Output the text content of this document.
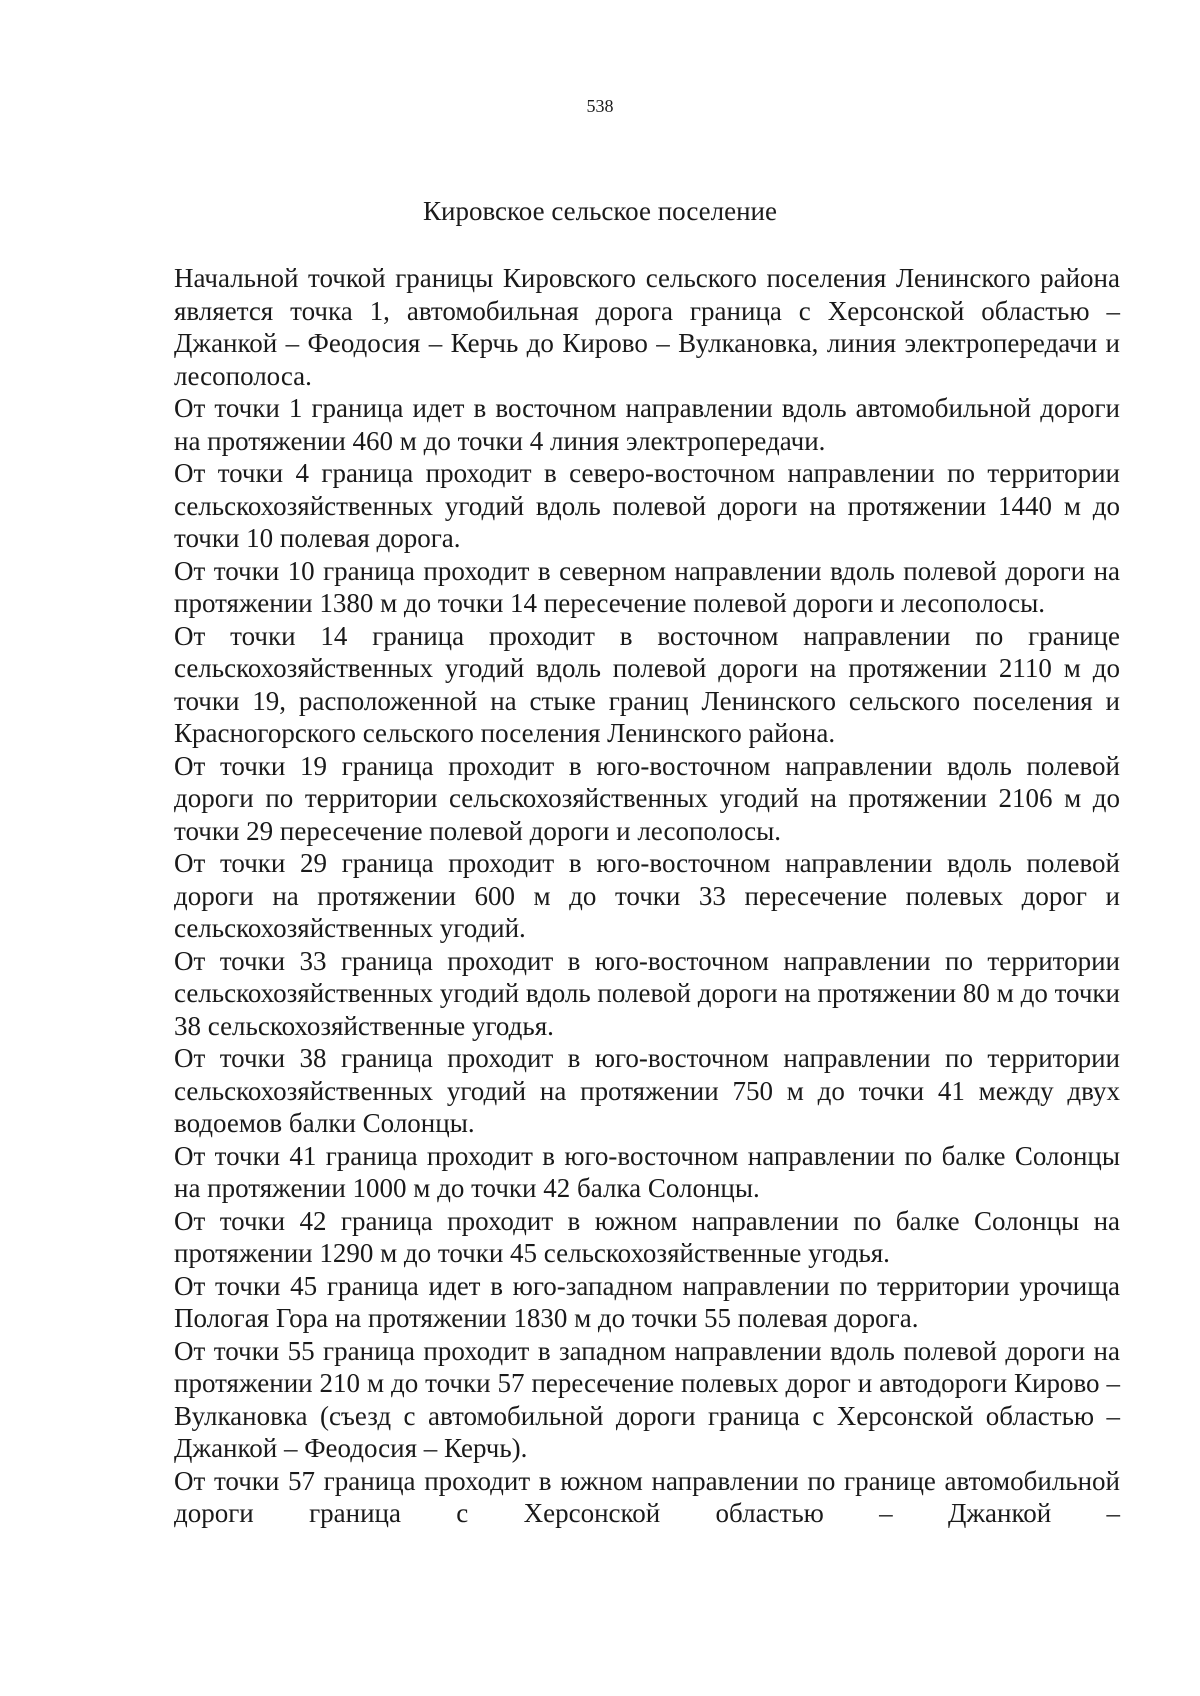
538
Кировское сельское поселение

Начальной точкой границы Кировского сельского поселения Ленинского района является точка 1, автомобильная дорога граница с Херсонской областью – Джанкой – Феодосия – Керчь до Кирово – Вулкановка, линия электропередачи и лесополоса.

От точки 1 граница идет в восточном направлении вдоль автомобильной дороги на протяжении 460 м до точки 4 линия электропередачи.

От точки 4 граница проходит в северо-восточном направлении по территории сельскохозяйственных угодий вдоль полевой дороги на протяжении 1440 м до точки 10 полевая дорога.

От точки 10 граница проходит в северном направлении вдоль полевой дороги на протяжении 1380 м до точки 14 пересечение полевой дороги и лесополосы.

От точки 14 граница проходит в восточном направлении по границе сельскохозяйственных угодий вдоль полевой дороги на протяжении 2110 м до точки 19, расположенной на стыке границ Ленинского сельского поселения и Красногорского сельского поселения Ленинского района.

От точки 19 граница проходит в юго-восточном направлении вдоль полевой дороги по территории сельскохозяйственных угодий на протяжении 2106 м до точки 29 пересечение полевой дороги и лесополосы.

От точки 29 граница проходит в юго-восточном направлении вдоль полевой дороги на протяжении 600 м до точки 33 пересечение полевых дорог и сельскохозяйственных угодий.

От точки 33 граница проходит в юго-восточном направлении по территории сельскохозяйственных угодий вдоль полевой дороги на протяжении 80 м до точки 38 сельскохозяйственные угодья.

От точки 38 граница проходит в юго-восточном направлении по территории сельскохозяйственных угодий на протяжении 750 м до точки 41 между двух водоемов балки Солонцы.

От точки 41 граница проходит в юго-восточном направлении по балке Солонцы на протяжении 1000 м до точки 42 балка Солонцы.

От точки 42 граница проходит в южном направлении по балке Солонцы на протяжении 1290 м до точки 45 сельскохозяйственные угодья.

От точки 45 граница идет в юго-западном направлении по территории урочища Пологая Гора на протяжении 1830 м до точки 55 полевая дорога.

От точки 55 граница проходит в западном направлении вдоль полевой дороги на протяжении 210 м до точки 57 пересечение полевых дорог и автодороги Кирово – Вулкановка (съезд с автомобильной дороги граница с Херсонской областью – Джанкой – Феодосия – Керчь).

От точки 57 граница проходит в южном направлении по границе автомобильной дороги граница с Херсонской областью – Джанкой –
